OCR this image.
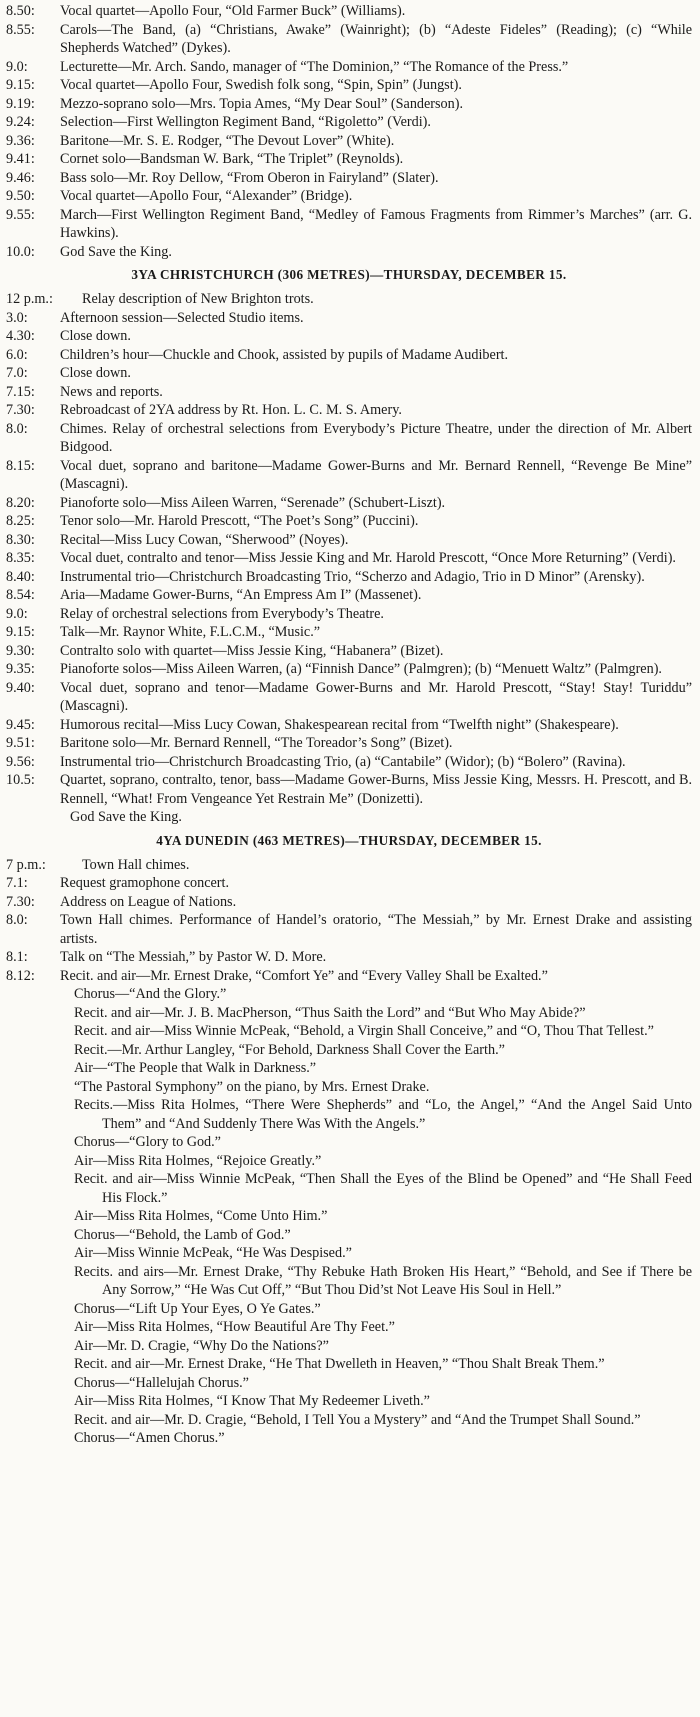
8.50:	Vocal quartet—Apollo Four, “Old Farmer Buck” (Williams).
8.55:	Carols—The Band, (a) “Christians, Awake” (Wainright); (b) “Adeste Fideles” (Reading); (c) “While Shepherds Watched” (Dykes).
9.0:	Lecturette—Mr. Arch. Sando, manager of “The Dominion,” “The Romance of the Press.”
9.15:	Vocal quartet—Apollo Four, Swedish folk song, “Spin, Spin” (Jungst).
9.19:	Mezzo-soprano solo—Mrs. Topia Ames, “My Dear Soul” (Sanderson).
9.24:	Selection—First Wellington Regiment Band, “Rigoletto” (Verdi).
9.36:	Baritone—Mr. S. E. Rodger, “The Devout Lover” (White).
9.41:	Cornet solo—Bandsman W. Bark, “The Triplet” (Reynolds).
9.46:	Bass solo—Mr. Roy Dellow, “From Oberon in Fairyland” (Slater).
9.50:	Vocal quartet—Apollo Four, “Alexander” (Bridge).
9.55:	March—First Wellington Regiment Band, “Medley of Famous Fragments from Rimmer’s Marches” (arr. G. Hawkins).
10.0:	God Save the King.
3YA CHRISTCHURCH (306 METRES)—THURSDAY, DECEMBER 15.
12 p.m.:	Relay description of New Brighton trots.
3.0:	Afternoon session—Selected Studio items.
4.30:	Close down.
6.0:	Children’s hour—Chuckle and Chook, assisted by pupils of Madame Audibert.
7.0:	Close down.
7.15:	News and reports.
7.30:	Rebroadcast of 2YA address by Rt. Hon. L. C. M. S. Amery.
8.0:	Chimes. Relay of orchestral selections from Everybody’s Picture Theatre, under the direction of Mr. Albert Bidgood.
8.15:	Vocal duet, soprano and baritone—Madame Gower-Burns and Mr. Bernard Rennell, “Revenge Be Mine” (Mascagni).
8.20:	Pianoforte solo—Miss Aileen Warren, “Serenade” (Schubert-Liszt).
8.25:	Tenor solo—Mr. Harold Prescott, “The Poet’s Song” (Puccini).
8.30:	Recital—Miss Lucy Cowan, “Sherwood” (Noyes).
8.35:	Vocal duet, contralto and tenor—Miss Jessie King and Mr. Harold Prescott, “Once More Returning” (Verdi).
8.40:	Instrumental trio—Christchurch Broadcasting Trio, “Scherzo and Adagio, Trio in D Minor” (Arensky).
8.54:	Aria—Madame Gower-Burns, “An Empress Am I” (Massenet).
9.0:	Relay of orchestral selections from Everybody’s Theatre.
9.15:	Talk—Mr. Raynor White, F.L.C.M., “Music.”
9.30:	Contralto solo with quartet—Miss Jessie King, “Habanera” (Bizet).
9.35:	Pianoforte solos—Miss Aileen Warren, (a) “Finnish Dance” (Palmgren); (b) “Menuett Waltz” (Palmgren).
9.40:	Vocal duet, soprano and tenor—Madame Gower-Burns and Mr. Harold Prescott, “Stay! Stay! Turiddu” (Mascagni).
9.45:	Humorous recital—Miss Lucy Cowan, Shakespearean recital from “Twelfth night” (Shakespeare).
9.51:	Baritone solo—Mr. Bernard Rennell, “The Toreador’s Song” (Bizet).
9.56:	Instrumental trio—Christchurch Broadcasting Trio, (a) “Cantabile” (Widor); (b) “Bolero” (Ravina).
10.5:	Quartet, soprano, contralto, tenor, bass—Madame Gower-Burns, Miss Jessie King, Messrs. H. Prescott, and B. Rennell, “What! From Vengeance Yet Restrain Me” (Donizetti).
God Save the King.
4YA DUNEDIN (463 METRES)—THURSDAY, DECEMBER 15.
7 p.m.:	Town Hall chimes.
7.1:	Request gramophone concert.
7.30:	Address on League of Nations.
8.0:	Town Hall chimes. Performance of Handel’s oratorio, “The Messiah,” by Mr. Ernest Drake and assisting artists.
8.1:	Talk on “The Messiah,” by Pastor W. D. More.
8.12:	Recit. and air—Mr. Ernest Drake, “Comfort Ye” and “Every Valley Shall be Exalted.”
Chorus—“And the Glory.”
Recit. and air—Mr. J. B. MacPherson, “Thus Saith the Lord” and “But Who May Abide?”
Recit. and air—Miss Winnie McPeak, “Behold, a Virgin Shall Conceive,” and “O, Thou That Tellest.”
Recit.—Mr. Arthur Langley, “For Behold, Darkness Shall Cover the Earth.”
Air—“The People that Walk in Darkness.”
“The Pastoral Symphony” on the piano, by Mrs. Ernest Drake.
Recits.—Miss Rita Holmes, “There Were Shepherds” and “Lo, the Angel,” “And the Angel Said Unto Them” and “And Suddenly There Was With the Angels.”
Chorus—“Glory to God.”
Air—Miss Rita Holmes, “Rejoice Greatly.”
Recit. and air—Miss Winnie McPeak, “Then Shall the Eyes of the Blind be Opened” and “He Shall Feed His Flock.”
Air—Miss Rita Holmes, “Come Unto Him.”
Chorus—“Behold, the Lamb of God.”
Air—Miss Winnie McPeak, “He Was Despised.”
Recits. and airs—Mr. Ernest Drake, “Thy Rebuke Hath Broken His Heart,” “Behold, and See if There be Any Sorrow,” “He Was Cut Off,” “But Thou Did’st Not Leave His Soul in Hell.”
Chorus—“Lift Up Your Eyes, O Ye Gates.”
Air—Miss Rita Holmes, “How Beautiful Are Thy Feet.”
Air—Mr. D. Cragie, “Why Do the Nations?”
Recit. and air—Mr. Ernest Drake, “He That Dwelleth in Heaven,” “Thou Shalt Break Them.”
Chorus—“Hallelujah Chorus.”
Air—Miss Rita Holmes, “I Know That My Redeemer Liveth.”
Recit. and air—Mr. D. Cragie, “Behold, I Tell You a Mystery” and “And the Trumpet Shall Sound.”
Chorus—“Amen Chorus.”
